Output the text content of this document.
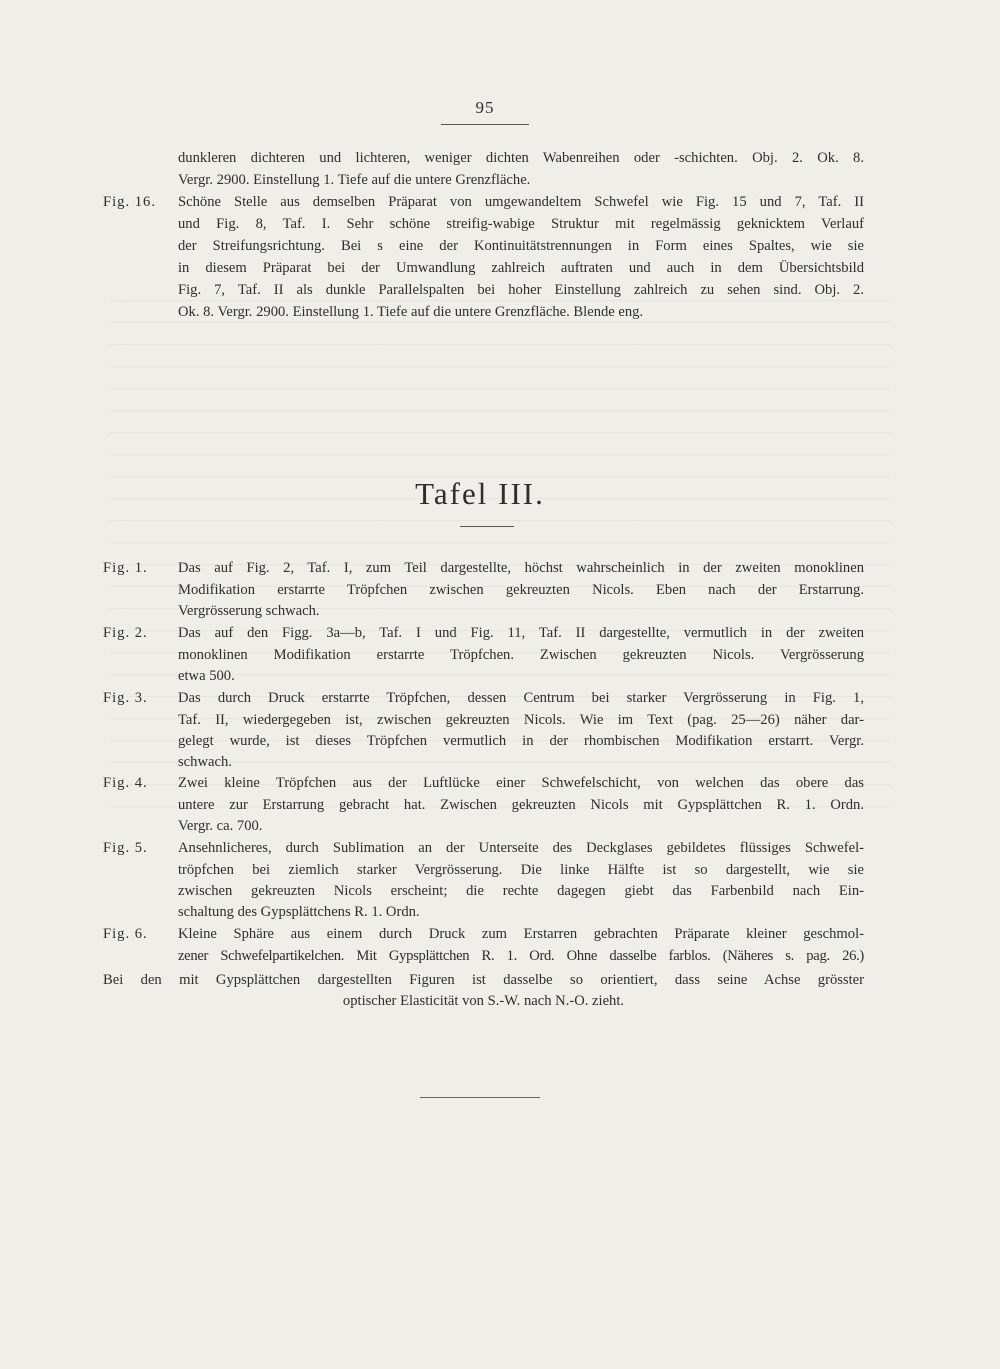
95
dunkleren dichteren und lichteren, weniger dichten Wabenreihen oder -schichten. Obj. 2. Ok. 8.
Vergr. 2900. Einstellung 1. Tiefe auf die untere Grenzfläche.
Fig. 16. Schöne Stelle aus demselben Präparat von umgewandeltem Schwefel wie Fig. 15 und 7, Taf. II
und Fig. 8, Taf. I. Sehr schöne streifig-wabige Struktur mit regelmässig geknicktem Verlauf
der Streifungsrichtung. Bei s eine der Kontinuitätstrennungen in Form eines Spaltes, wie sie
in diesem Präparat bei der Umwandlung zahlreich auftraten und auch in dem Übersichtsbild
Fig. 7, Taf. II als dunkle Parallelspalten bei hoher Einstellung zahlreich zu sehen sind. Obj. 2.
Ok. 8. Vergr. 2900. Einstellung 1. Tiefe auf die untere Grenzfläche. Blende eng.
Tafel III.
Fig. 1. Das auf Fig. 2, Taf. I, zum Teil dargestellte, höchst wahrscheinlich in der zweiten monoklinen
Modifikation erstarrte Tröpfchen zwischen gekreuzten Nicols. Eben nach der Erstarrung.
Vergrösserung schwach.
Fig. 2. Das auf den Figg. 3a—b, Taf. I und Fig. 11, Taf. II dargestellte, vermutlich in der zweiten
monoklinen Modifikation erstarrte Tröpfchen. Zwischen gekreuzten Nicols. Vergrösserung
etwa 500.
Fig. 3. Das durch Druck erstarrte Tröpfchen, dessen Centrum bei starker Vergrösserung in Fig. 1,
Taf. II, wiedergegeben ist, zwischen gekreuzten Nicols. Wie im Text (pag. 25—26) näher dar-
gelegt wurde, ist dieses Tröpfchen vermutlich in der rhombischen Modifikation erstarrt. Vergr.
schwach.
Fig. 4. Zwei kleine Tröpfchen aus der Luftlücke einer Schwefelschicht, von welchen das obere das
untere zur Erstarrung gebracht hat. Zwischen gekreuzten Nicols mit Gypsplättchen R. 1. Ordn.
Vergr. ca. 700.
Fig. 5. Ansehnlicheres, durch Sublimation an der Unterseite des Deckglases gebildetes flüssiges Schwefel-
tröpfchen bei ziemlich starker Vergrösserung. Die linke Hälfte ist so dargestellt, wie sie
zwischen gekreuzten Nicols erscheint; die rechte dagegen giebt das Farbenbild nach Ein-
schaltung des Gypsplättchens R. 1. Ordn.
Fig. 6. Kleine Sphäre aus einem durch Druck zum Erstarren gebrachten Präparate kleiner geschmol-
zener Schwefelpartikelchen. Mit Gypsplättchen R. 1. Ord. Ohne dasselbe farblos. (Näheres s. pag. 26.)
Bei den mit Gypsplättchen dargestellten Figuren ist dasselbe so orientiert, dass seine Achse grösster
optischer Elasticität von S.-W. nach N.-O. zieht.
